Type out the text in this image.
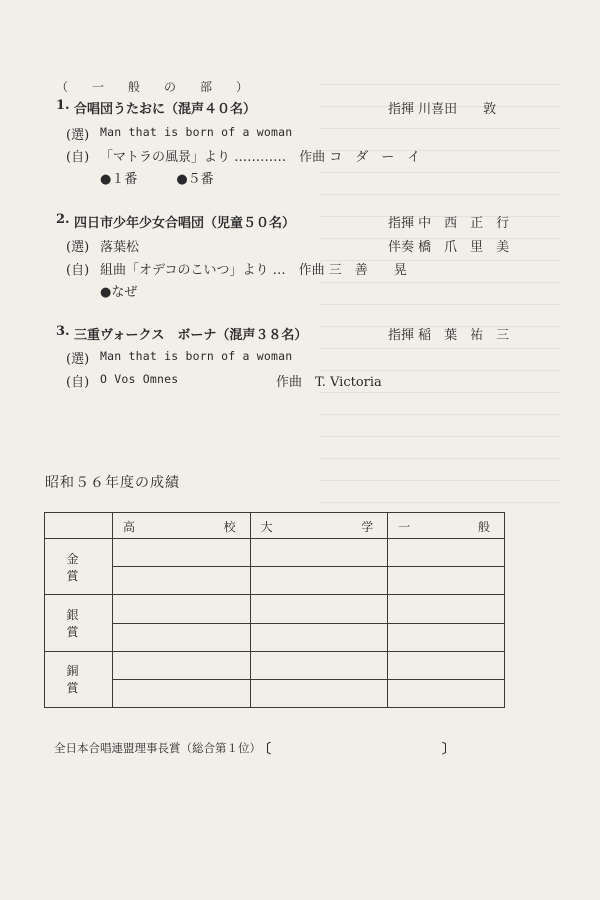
（　一　般　の　部　）
1. 合唱団うたおに（混声４０名）	指揮 川喜田　　敦
(選) Man that is born of a woman
(自) 「マトラの風景」より …………　作曲 コ　ダ　ー　イ
●１番　　　●５番
2. 四日市少年少女合唱団（児童５０名）	指揮 中　西　正　行
伴奏 橋　爪　里　美
(選) 落葉松
(自) 組曲「オデコのこいつ」より …　作曲 三　善　　晃
●なぜ
3. 三重ヴォークス　ボーナ（混声３８名）	指揮 稲　葉　祐　三
(選) Man that is born of a woman
(自) O Vos Omnes	作曲　T. Victoria
昭和５６年度の成績

	高 校	大 学	一 般

金　賞			

銀　賞			

銅　賞			

全日本合唱連盟理事長賞（総合第１位）
〔	〕
